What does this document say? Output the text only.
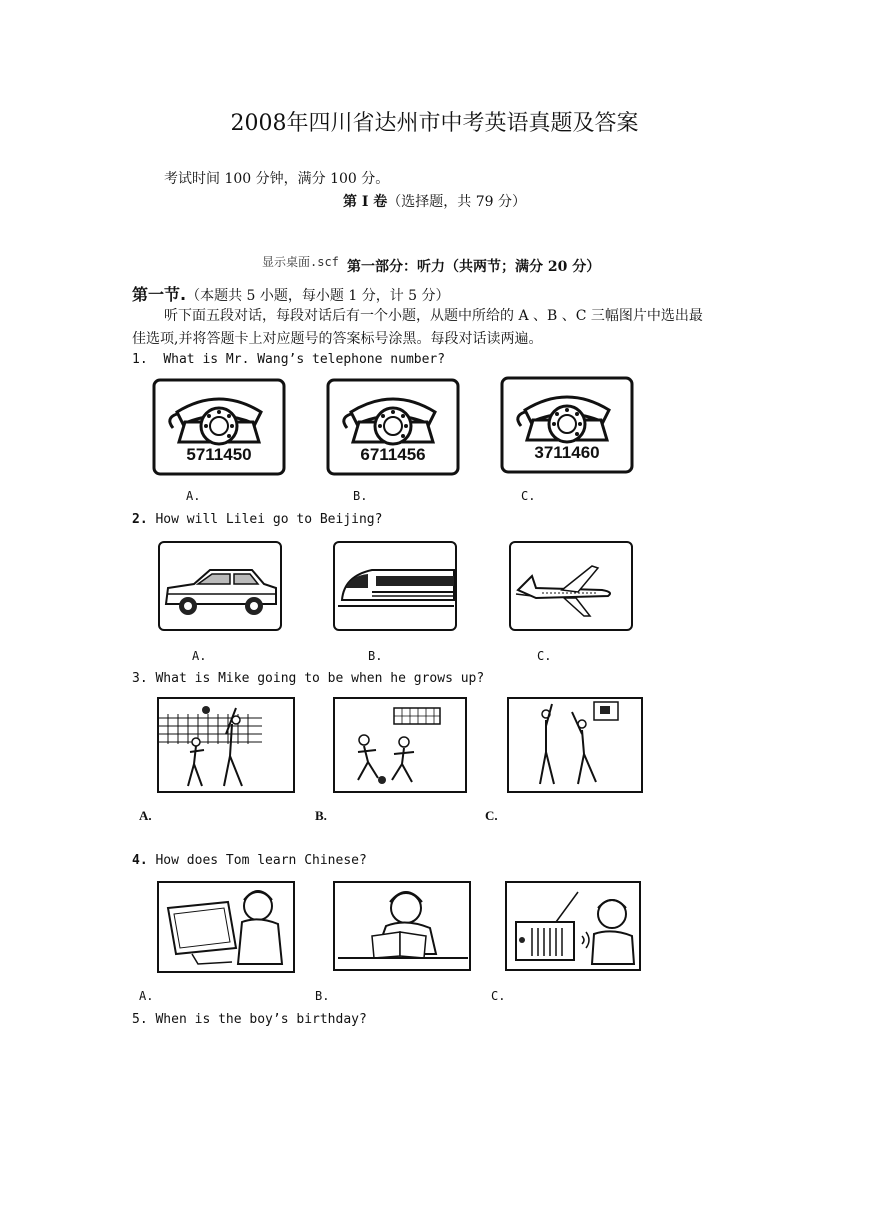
2008年四川省达州市中考英语真题及答案
考试时间 100 分钟，满分 100 分。
第 I 卷（选择题，共 79 分）
显示桌面.scf 第一部分：听力（共两节；满分 20 分）
第一节.（本题共 5 小题，每小题 1 分，计 5 分）
听下面五段对话，每段对话后有一个小题，从题中所给的 A 、B 、C 三幅图片中选出最
佳选项,并将答题卡上对应题号的答案标号涂黑。每段对话读两遍。
1. What is Mr. Wang’s telephone number?
5711450	6711456	3711460
A.	B.	C.
2. How will Lilei go to Beijing?
A.	B.	C.
3. What is Mike going to be when he grows up?
A.	B.	C.
4. How does Tom learn Chinese?
A.	B.	C.
5. When is the boy’s birthday?
